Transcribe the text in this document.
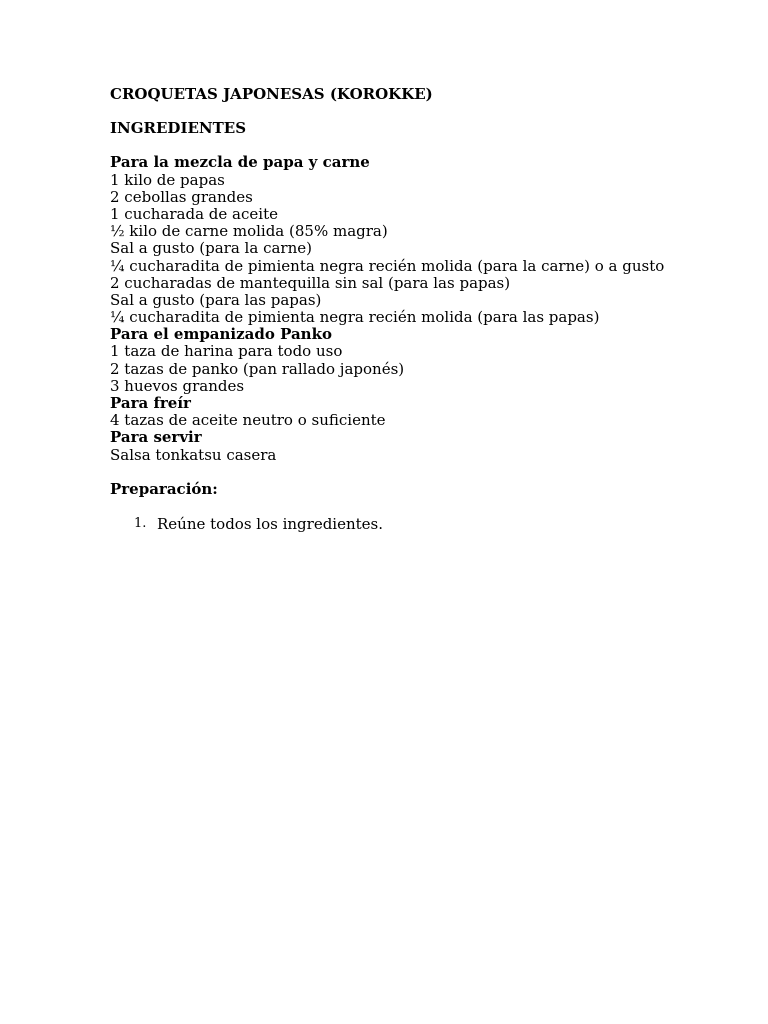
CROQUETAS JAPONESAS (KOROKKE)
INGREDIENTES
Para la mezcla de papa y carne
1 kilo de papas
2 cebollas grandes
1 cucharada de aceite
½ kilo de carne molida (85% magra)
Sal a gusto (para la carne)
¼ cucharadita de pimienta negra recién molida (para la carne) o a gusto
2 cucharadas de mantequilla sin sal (para las papas)
Sal a gusto (para las papas)
¼ cucharadita de pimienta negra recién molida (para las papas)
Para el empanizado Panko
1 taza de harina para todo uso
2 tazas de panko (pan rallado japonés)
3 huevos grandes
Para freír
4 tazas de aceite neutro o suficiente
Para servir
Salsa tonkatsu casera
Preparación:
1. Reúne todos los ingredientes.
